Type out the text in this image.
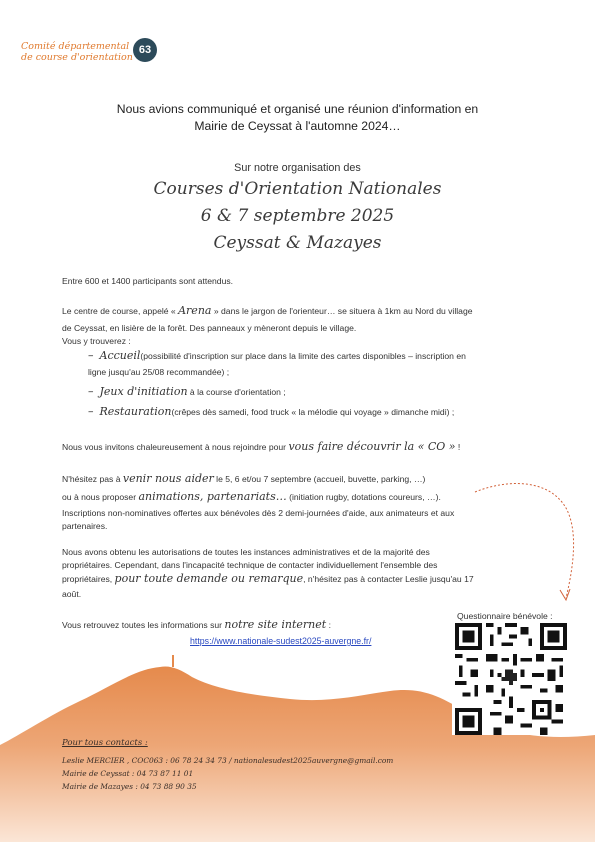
Comité départemental
de course d'orientation
63
Nous avions communiqué et organisé une réunion d'information en
Mairie de Ceyssat à l'automne 2024…
Sur notre organisation des
Courses d'Orientation Nationales
6 & 7 septembre 2025
Ceyssat & Mazayes
Entre 600 et 1400 participants sont attendus.
Le centre de course, appelé « Arena » dans le jargon de l'orienteur… se situera à 1km au Nord du village
de Ceyssat, en lisière de la forêt. Des panneaux y mèneront depuis le village.
Vous y trouverez :
– Accueil(possibilité d'inscription sur place dans la limite des cartes disponibles – inscription en
ligne jusqu'au 25/08 recommandée) ;
– Jeux d'initiation à la course d'orientation ;
– Restauration(crêpes dès samedi, food truck « la mélodie qui voyage » dimanche midi) ;
Nous vous invitons chaleureusement à nous rejoindre pour vous faire découvrir la « CO » !
N'hésitez pas à venir nous aider le 5, 6 et/ou 7 septembre (accueil, buvette, parking, …)
ou à nous proposer animations, partenariats… (initiation rugby, dotations coureurs, …).
Inscriptions non-nominatives offertes aux bénévoles dès 2 demi-journées d'aide, aux animateurs et aux
partenaires.
Nous avons obtenu les autorisations de toutes les instances administratives et de la majorité des
propriétaires. Cependant, dans l'incapacité technique de contacter individuellement l'ensemble des
propriétaires, pour toute demande ou remarque, n'hésitez pas à contacter Leslie jusqu'au 17
août.
Vous retrouvez toutes les informations sur notre site internet :
https://www.nationale-sudest2025-auvergne.fr/
Questionnaire bénévole :
Pour tous contacts :
Leslie MERCIER , COC063 : 06 78 24 34 73 / nationalesudest2025auvergne@gmail.com
Mairie de Ceyssat : 04 73 87 11 01
Mairie de Mazayes : 04 73 88 90 35
